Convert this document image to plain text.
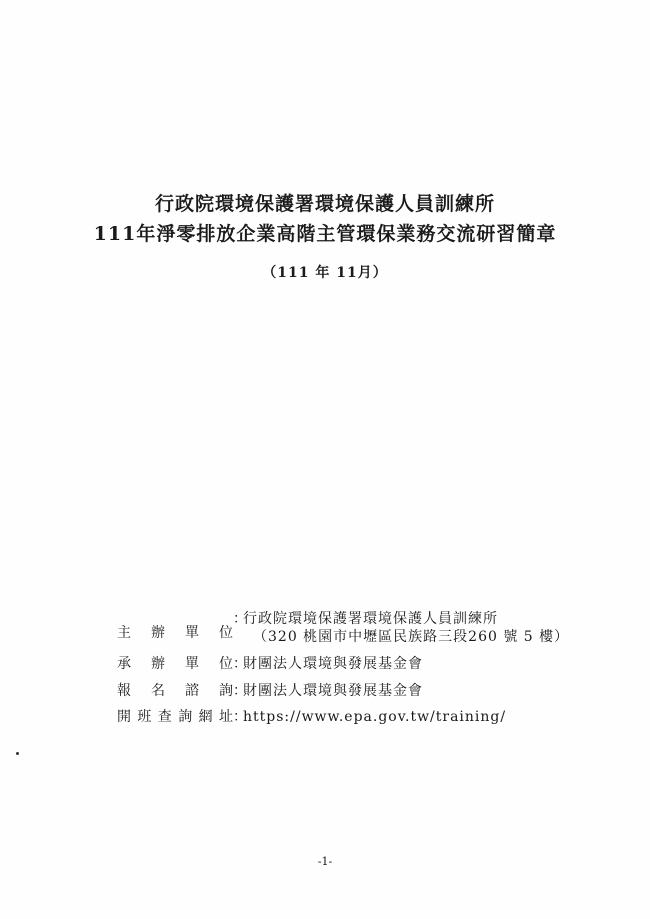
行政院環境保護署環境保護人員訓練所
111年淨零排放企業高階主管環保業務交流研習簡章
（111 年 11月）
主 辦 單 位：行政院環境保護署環境保護人員訓練所
（320 桃園市中壢區民族路三段260 號 5 樓）
承 辦 單 位：財團法人環境與發展基金會
報 名 諮 詢：財團法人環境與發展基金會
開班查詢網址：https://www.epa.gov.tw/training/
-1-
